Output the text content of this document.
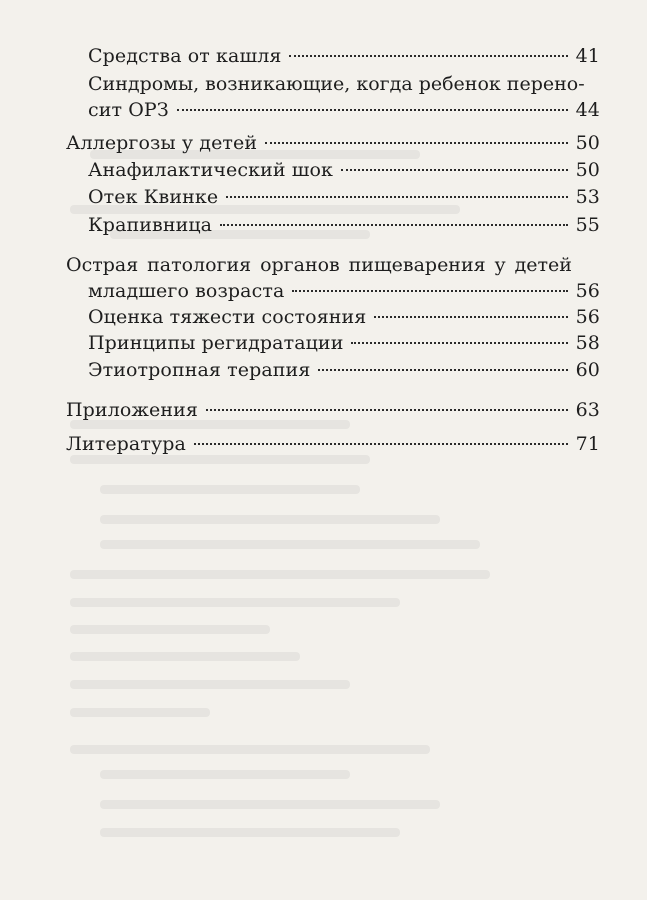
Средства от кашля	41
Синдромы, возникающие, когда ребенок перено-
сит ОРЗ	44
Аллергозы у детей	50
Анафилактический шок	50
Отек Квинке	53
Крапивница	55
Острая патология органов пищеварения у детей
младшего возраста	56
Оценка тяжести состояния	56
Принципы регидратации	58
Этиотропная терапия	60
Приложения	63
Литература	71
